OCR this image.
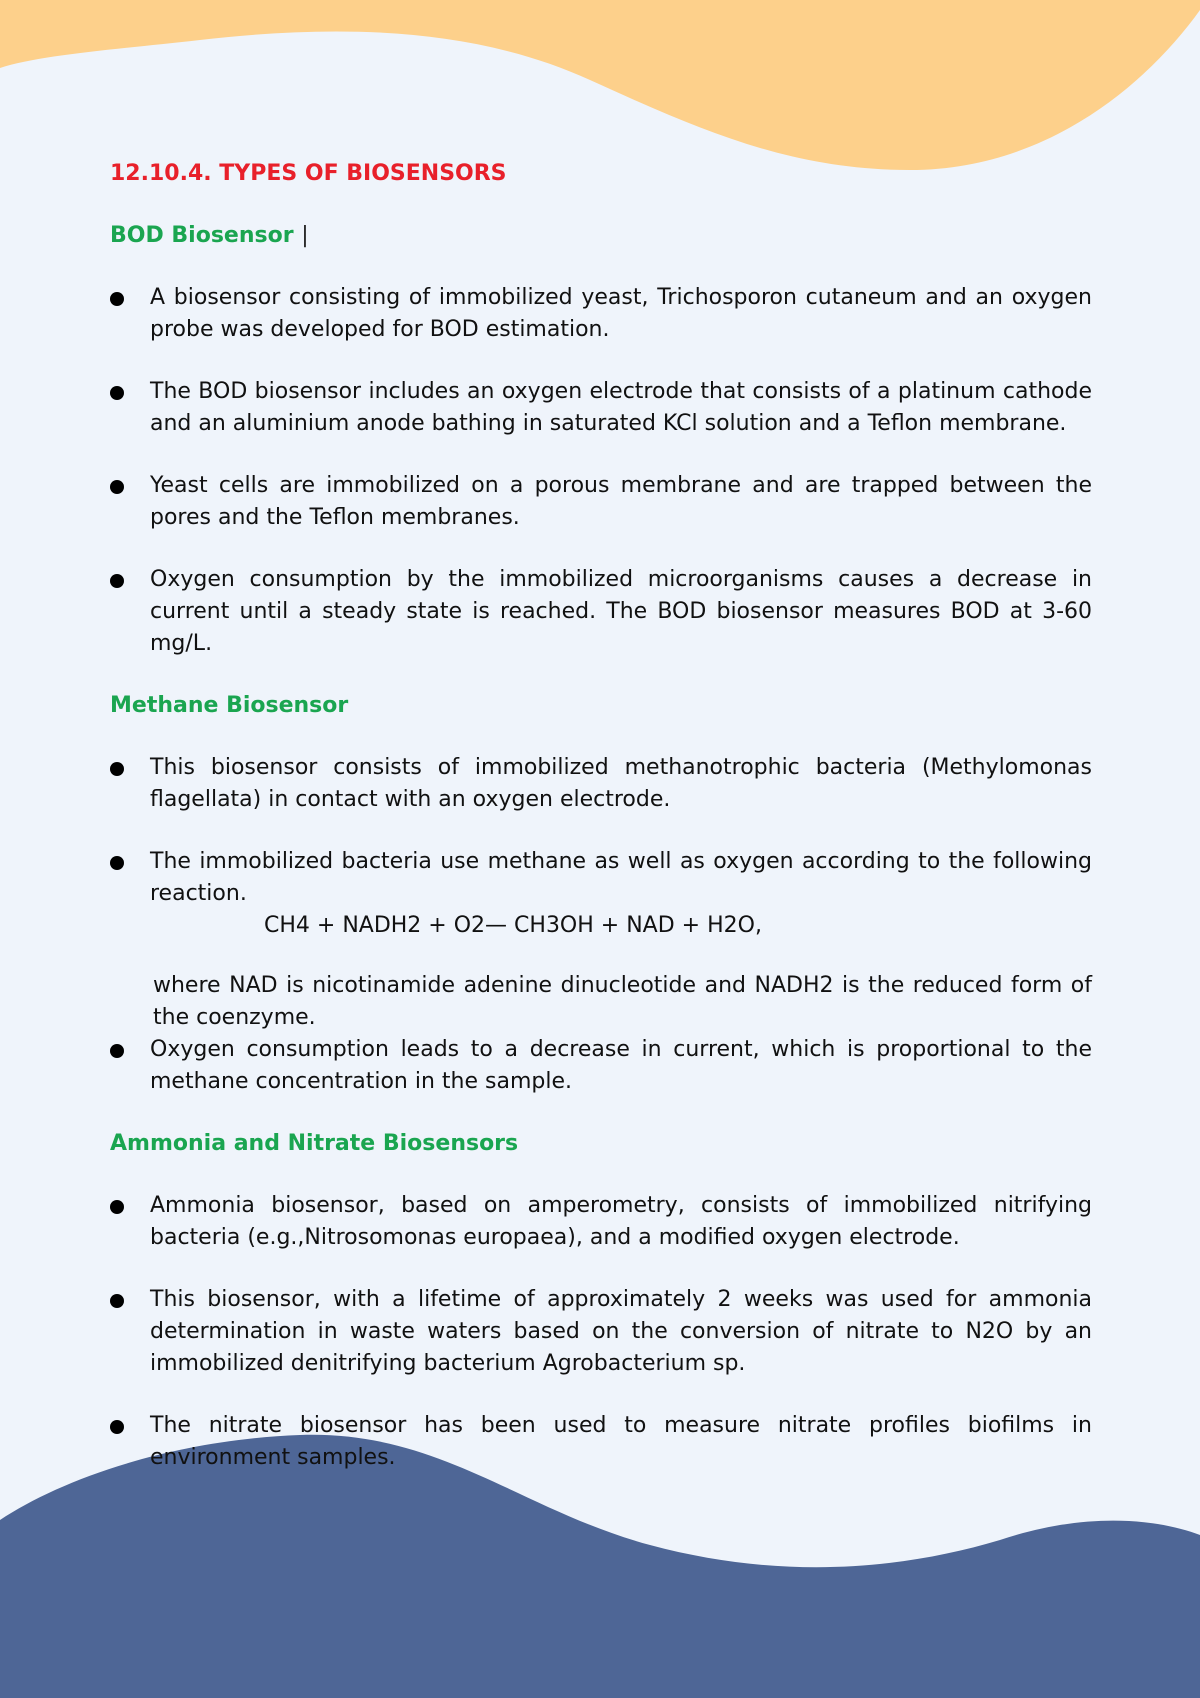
12.10.4. TYPES OF BIOSENSORS
BOD Biosensor |
A biosensor consisting of immobilized yeast, Trichosporon cutaneum and an oxygen probe was developed for BOD estimation.
The BOD biosensor includes an oxygen electrode that consists of a platinum cathode and an aluminium anode bathing in saturated KCl solution and a Teflon membrane.
Yeast cells are immobilized on a porous membrane and are trapped between the pores and the Teflon membranes.
Oxygen consumption by the immobilized microorganisms causes a decrease in current until a steady state is reached. The BOD biosensor measures BOD at 3-60 mg/L.
Methane Biosensor
This biosensor consists of immobilized methanotrophic bacteria (Methylomonas flagellata) in contact with an oxygen electrode.
The immobilized bacteria use methane as well as oxygen according to the following reaction.
CH4 + NADH2 + O2— CH3OH + NAD + H2O,
where NAD is nicotinamide adenine dinucleotide and NADH2 is the reduced form of the coenzyme.
Oxygen consumption leads to a decrease in current, which is proportional to the methane concentration in the sample.
Ammonia and Nitrate Biosensors
Ammonia biosensor, based on amperometry, consists of immobilized nitrifying bacteria (e.g.,Nitrosomonas europaea), and a modified oxygen electrode.
This biosensor, with a lifetime of approximately 2 weeks was used for ammonia determination in waste waters based on the conversion of nitrate to N2O by an immobilized denitrifying bacterium Agrobacterium sp.
The nitrate biosensor has been used to measure nitrate profiles biofilms in environment samples.
